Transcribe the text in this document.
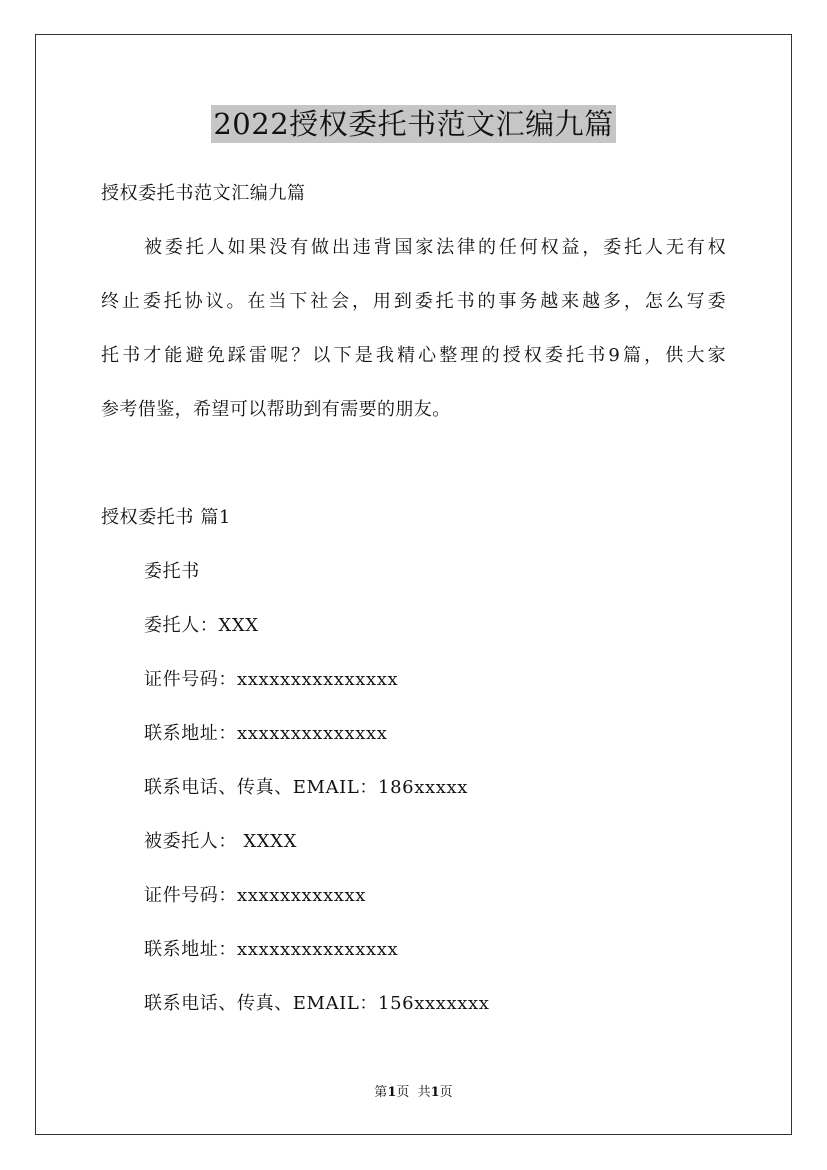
2022授权委托书范文汇编九篇

授权委托书范文汇编九篇

被委托人如果没有做出违背国家法律的任何权益，委托人无有权

终止委托协议。在当下社会，用到委托书的事务越来越多，怎么写委

托书才能避免踩雷呢？以下是我精心整理的授权委托书9篇，供大家

参考借鉴，希望可以帮助到有需要的朋友。

授权委托书 篇1

委托书

委托人：XXX

证件号码：xxxxxxxxxxxxxxx

联系地址：xxxxxxxxxxxxxx

联系电话、传真、EMAIL：186xxxxx

被委托人： XXXX

证件号码：xxxxxxxxxxxx

联系地址：xxxxxxxxxxxxxxx

联系电话、传真、EMAIL：156xxxxxxx

第1页  共1页
